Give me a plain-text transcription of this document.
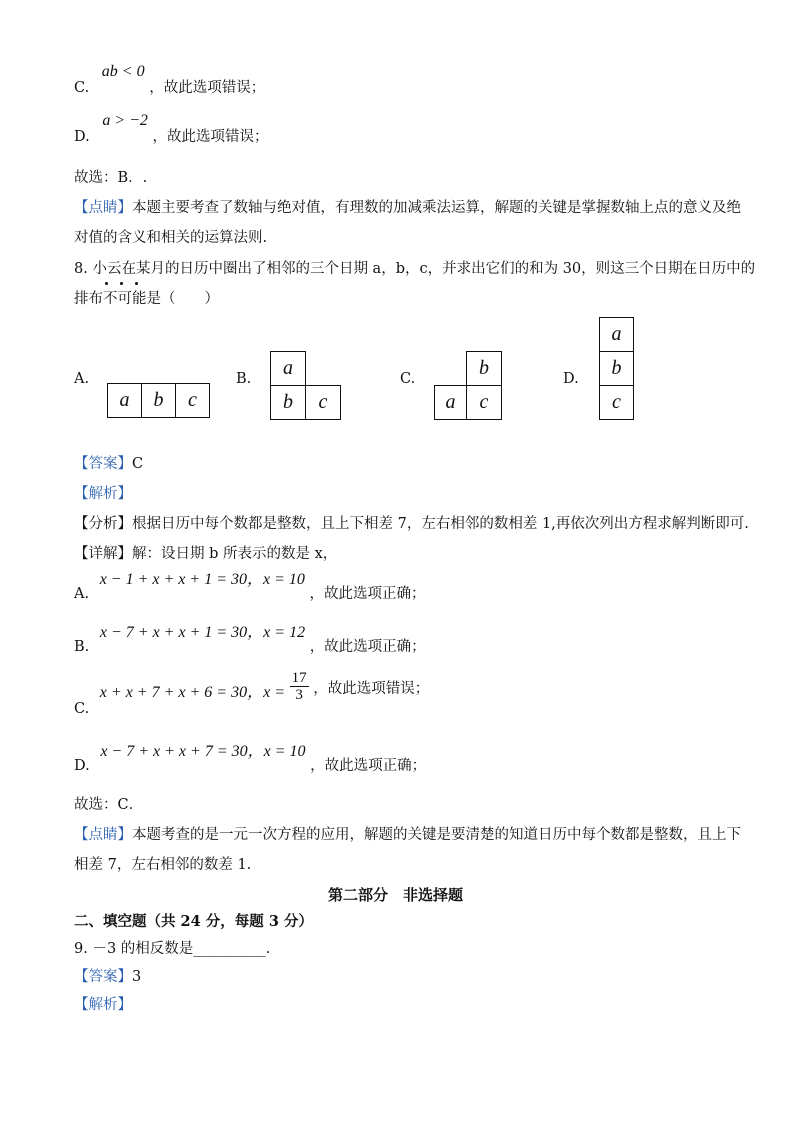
C. ab < 0 ，故此选项错误；
D. a > −2 ，故此选项错误；
故选：B．.
【点睛】本题主要考查了数轴与绝对值，有理数的加减乘法运算，解题的关键是掌握数轴上点的意义及绝
对值的含义和相关的运算法则.
8. 小云在某月的日历中圈出了相邻的三个日期 a，b，c，并求出它们的和为 30，则这三个日期在日历中的
排布不可能是（　　）
A.
a	b	c
B.	a
b	c
C.	b
a	c
D.
a
b
c
【答案】C
【解析】
【分析】根据日历中每个数都是整数，且上下相差 7，左右相邻的数相差 1,再依次列出方程求解判断即可.
【详解】解：设日期 b 所表示的数是 x，
A. x − 1 + x + x + 1 = 30，x = 10 ，故此选项正确；
B. x − 7 + x + x + 1 = 30，x = 12 ，故此选项正确；
C. x + x + 7 + x + 6 = 30，$x = \frac{17}{3}$ ，故此选项错误；
D. x − 7 + x + x + 7 = 30，x = 10 ，故此选项正确；
故选：C．
【点睛】本题考查的是一元一次方程的应用，解题的关键是要清楚的知道日历中每个数都是整数，且上下
相差 7，左右相邻的数差 1.
第二部分　非选择题
二、填空题（共 24 分，每题 3 分）
9. －3 的相反数是__________.
【答案】3
【解析】
